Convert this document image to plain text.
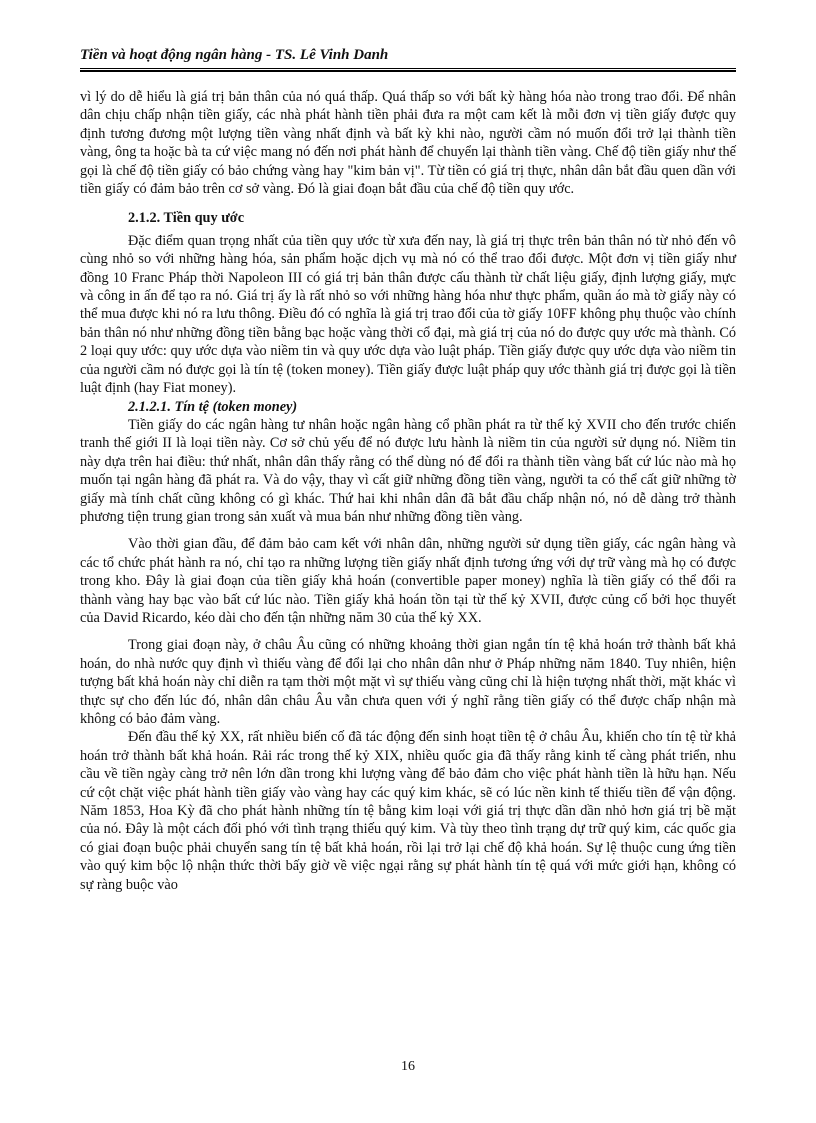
Tiền và hoạt động ngân hàng - TS. Lê Vinh Danh

vì lý do dễ hiểu là giá trị bản thân của nó quá thấp. Quá thấp so với bất kỳ hàng hóa nào trong trao đổi. Để nhân dân chịu chấp nhận tiền giấy, các nhà phát hành tiền phải đưa ra một cam kết là mỗi đơn vị tiền giấy được quy định tương đương một lượng tiền vàng nhất định và bất kỳ khi nào, người cầm nó muốn đổi trở lại thành tiền vàng, ông ta hoặc bà ta cứ việc mang nó đến nơi phát hành để chuyển lại thành tiền vàng. Chế độ tiền giấy như thế gọi là chế độ tiền giấy có bảo chứng vàng hay "kim bản vị". Từ tiền có giá trị thực, nhân dân bắt đầu quen dần với tiền giấy có đảm bảo trên cơ sở vàng. Đó là giai đoạn bắt đầu của chế độ tiền quy ước.

2.1.2. Tiền quy ước

Đặc điểm quan trọng nhất của tiền quy ước từ xưa đến nay, là giá trị thực trên bản thân nó từ nhỏ đến vô cùng nhỏ so với những hàng hóa, sản phẩm hoặc dịch vụ mà nó có thể trao đổi được. Một đơn vị tiền giấy như đồng 10 Franc Pháp thời Napoleon III có giá trị bản thân được cấu thành từ chất liệu giấy, định lượng giấy, mực và công in ấn để tạo ra nó. Giá trị ấy là rất nhỏ so với những hàng hóa như thực phẩm, quần áo mà tờ giấy này có thể mua được khi nó ra lưu thông. Điều đó có nghĩa là giá trị trao đổi của tờ giấy 10FF không phụ thuộc vào chính bản thân nó như những đồng tiền bằng bạc hoặc vàng thời cổ đại, mà giá trị của nó do được quy ước mà thành. Có 2 loại quy ước: quy ước dựa vào niềm tin và quy ước dựa vào luật pháp. Tiền giấy được quy ước dựa vào niềm tin của người cầm nó được gọi là tín tệ (token money). Tiền giấy được luật pháp quy ước thành giá trị được gọi là tiền luật định (hay Fiat money).

2.1.2.1. Tín tệ (token money)

Tiền giấy do các ngân hàng tư nhân hoặc ngân hàng cổ phần phát ra từ thế kỷ XVII cho đến trước chiến tranh thế giới II là loại tiền này. Cơ sở chủ yếu để nó được lưu hành là niềm tin của người sử dụng nó. Niềm tin này dựa trên hai điều: thứ nhất, nhân dân thấy rằng có thể dùng nó để đổi ra thành tiền vàng bất cứ lúc nào mà họ muốn tại ngân hàng đã phát ra. Và do vậy, thay vì cất giữ những đồng tiền vàng, người ta có thể cất giữ những tờ giấy mà tính chất cũng không có gì khác. Thứ hai khi nhân dân đã bắt đầu chấp nhận nó, nó dễ dàng trở thành phương tiện trung gian trong sản xuất và mua bán như những đồng tiền vàng.

Vào thời gian đầu, để đảm bảo cam kết với nhân dân, những người sử dụng tiền giấy, các ngân hàng và các tổ chức phát hành ra nó, chỉ tạo ra những lượng tiền giấy nhất định tương ứng với dự trữ vàng mà họ có được trong kho. Đây là giai đoạn của tiền giấy khả hoán (convertible paper money) nghĩa là tiền giấy có thể đổi ra thành vàng hay bạc vào bất cứ lúc nào. Tiền giấy khả hoán tồn tại từ thế kỷ XVII, được củng cố bởi học thuyết của David Ricardo, kéo dài cho đến tận những năm 30 của thế kỷ XX.

Trong giai đoạn này, ở châu Âu cũng có những khoảng thời gian ngắn tín tệ khả hoán trở thành bất khả hoán, do nhà nước quy định vì thiếu vàng để đổi lại cho nhân dân như ở Pháp những năm 1840. Tuy nhiên, hiện tượng bất khả hoán này chỉ diễn ra tạm thời một mặt vì sự thiếu vàng cũng chỉ là hiện tượng nhất thời, mặt khác vì thực sự cho đến lúc đó, nhân dân châu Âu vẫn chưa quen với ý nghĩ rằng tiền giấy có thể được chấp nhận mà không có bảo đảm vàng.

Đến đầu thế kỷ XX, rất nhiều biến cố đã tác động đến sinh hoạt tiền tệ ở châu Âu, khiến cho tín tệ từ khả hoán trở thành bất khả hoán. Rải rác trong thế kỷ XIX, nhiều quốc gia đã thấy rằng kinh tế càng phát triển, nhu cầu về tiền ngày càng trở nên lớn dần trong khi lượng vàng để bảo đảm cho việc phát hành tiền là hữu hạn. Nếu cứ cột chặt việc phát hành tiền giấy vào vàng hay các quý kim khác, sẽ có lúc nền kinh tế thiếu tiền để vận động. Năm 1853, Hoa Kỳ đã cho phát hành những tín tệ bằng kim loại với giá trị thực dần dần nhỏ hơn giá trị bề mặt của nó. Đây là một cách đối phó với tình trạng thiếu quý kim. Và tùy theo tình trạng dự trữ quý kim, các quốc gia có giai đoạn buộc phải chuyển sang tín tệ bất khả hoán, rồi lại trở lại chế độ khả hoán. Sự lệ thuộc cung ứng tiền vào quý kim bộc lộ nhận thức thời bấy giờ về việc ngại rằng sự phát hành tín tệ quá với mức giới hạn, không có sự ràng buộc vào

16
